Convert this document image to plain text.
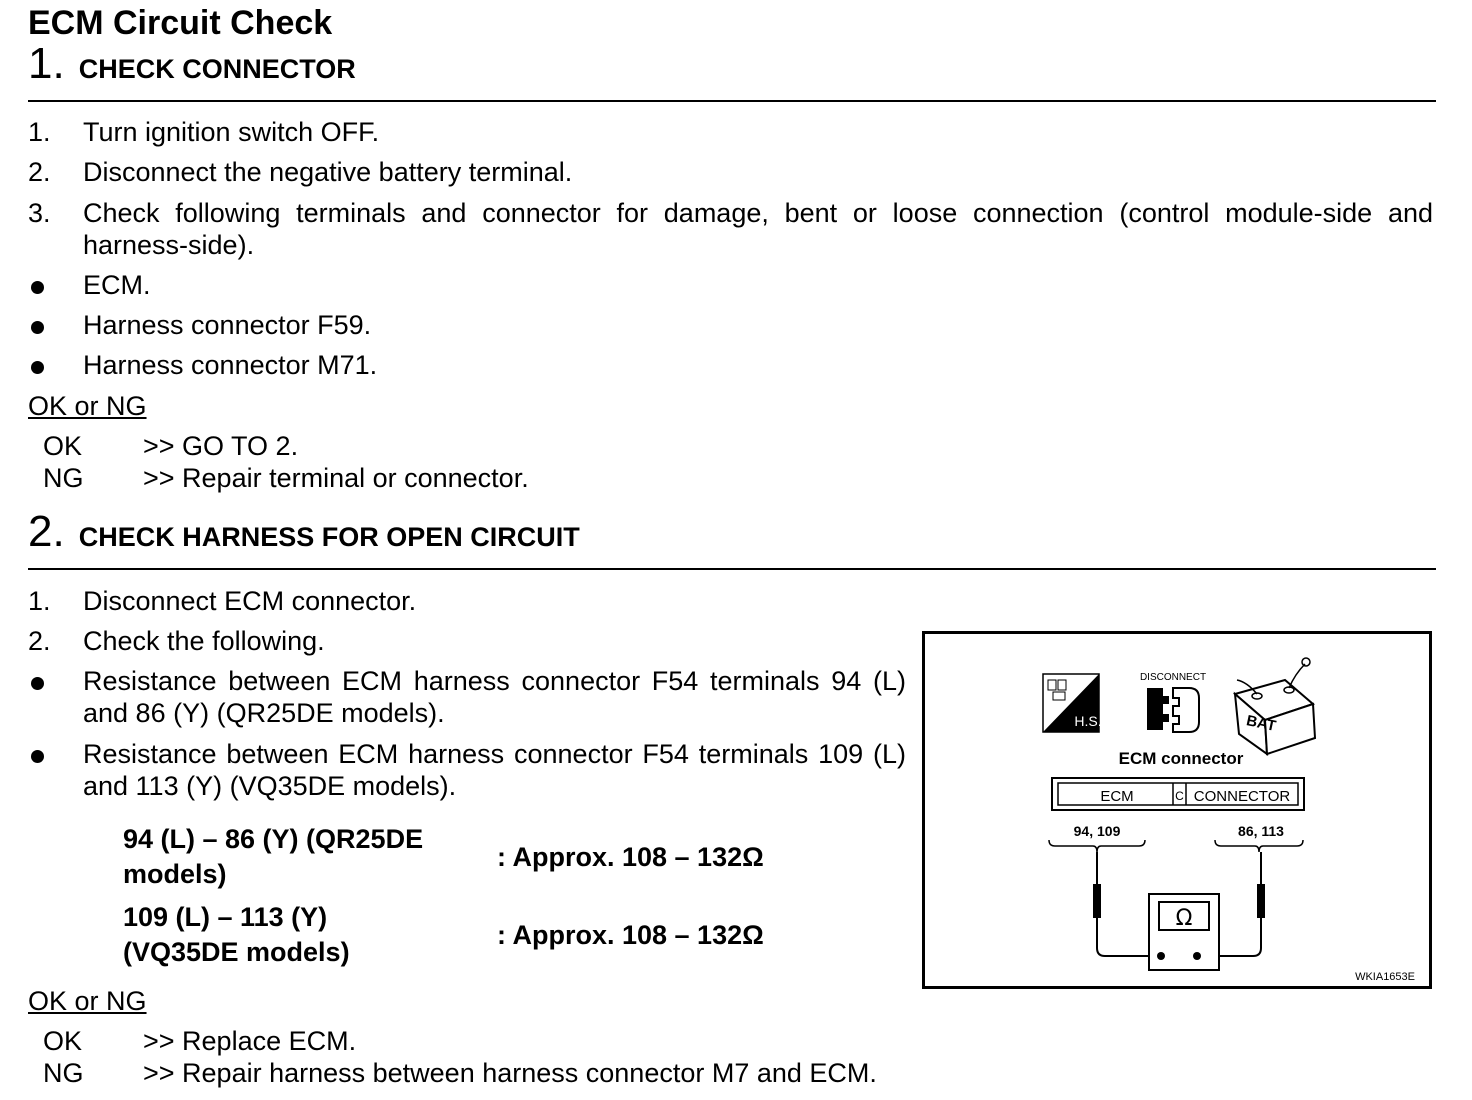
ECM Circuit Check
1. CHECK CONNECTOR
1.	Turn ignition switch OFF.
2.	Disconnect the negative battery terminal.
3.	Check following terminals and connector for damage, bent or loose connection (control module-side and harness-side).
ECM.
Harness connector F59.
Harness connector M71.
OK or NG
OK >> GO TO 2.
NG >> Repair terminal or connector.
2. CHECK HARNESS FOR OPEN CIRCUIT
1.	Disconnect ECM connector.
2.	Check the following.
Resistance between ECM harness connector F54 terminals 94 (L) and 86 (Y) (QR25DE models).
Resistance between ECM harness connector F54 terminals 109 (L) and 113 (Y) (VQ35DE models).
94 (L) – 86 (Y) (QR25DE models)
: Approx. 108 – 132Ω
109 (L) – 113 (Y) (VQ35DE models)
: Approx. 108 – 132Ω
OK or NG
OK >> Replace ECM.
NG >> Repair harness between harness connector M7 and ECM.
H.S.
DISCONNECT
BAT
ECM connector
ECM	C CONNECTOR
94, 109	86, 113
Ω
WKIA1653E
